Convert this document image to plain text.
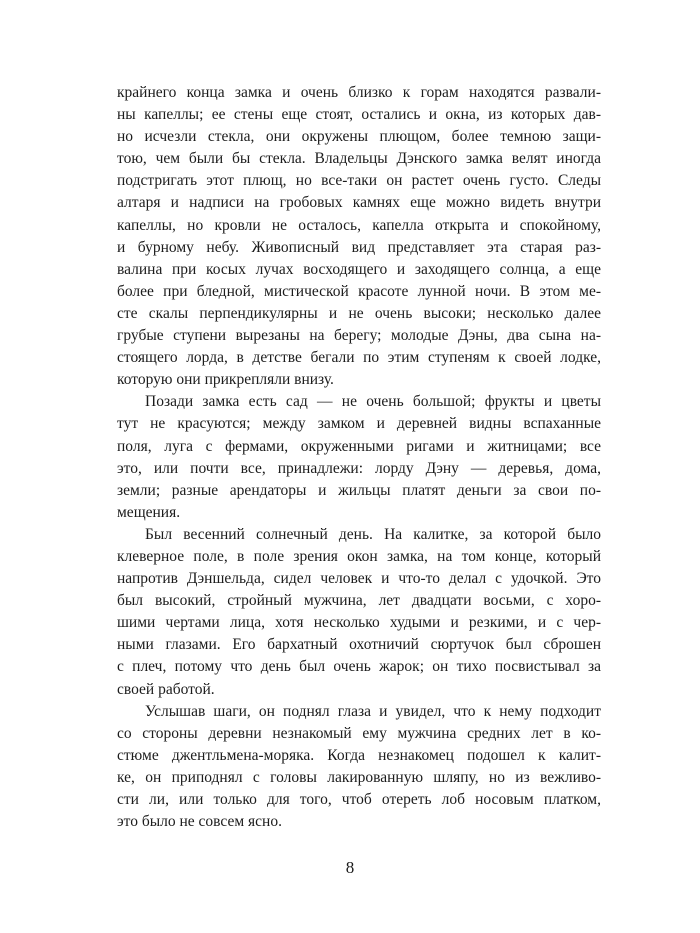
крайнего конца замка и очень близко к горам находятся развали-
ны капеллы; ее стены еще стоят, остались и окна, из которых дав-
но исчезли стекла, они окружены плющом, более темною защи-
тою, чем были бы стекла. Владельцы Дэнского замка велят иногда
подстригать этот плющ, но все-таки он растет очень густо. Следы
алтаря и надписи на гробовых камнях еще можно видеть внутри
капеллы, но кровли не осталось, капелла открыта и спокойному,
и бурному небу. Живописный вид представляет эта старая раз-
валина при косых лучах восходящего и заходящего солнца, а еще
более при бледной, мистической красоте лунной ночи. В этом ме-
сте скалы перпендикулярны и не очень высоки; несколько далее
грубые ступени вырезаны на берегу; молодые Дэны, два сына на-
стоящего лорда, в детстве бегали по этим ступеням к своей лодке,
которую они прикрепляли внизу.

Позади замка есть сад — не очень большой; фрукты и цветы
тут не красуются; между замком и деревней видны вспаханные
поля, луга с фермами, окруженными ригами и житницами; все
это, или почти все, принадлежи: лорду Дэну — деревья, дома,
земли; разные арендаторы и жильцы платят деньги за свои по-
мещения.

Был весенний солнечный день. На калитке, за которой было
клеверное поле, в поле зрения окон замка, на том конце, который
напротив Дэншельда, сидел человек и что-то делал с удочкой. Это
был высокий, стройный мужчина, лет двадцати восьми, с хоро-
шими чертами лица, хотя несколько худыми и резкими, и с чер-
ными глазами. Его бархатный охотничий сюртучок был сброшен
с плеч, потому что день был очень жарок; он тихо посвистывал за
своей работой.

Услышав шаги, он поднял глаза и увидел, что к нему подходит
со стороны деревни незнакомый ему мужчина средних лет в ко-
стюме джентльмена-моряка. Когда незнакомец подошел к калит-
ке, он приподнял с головы лакированную шляпу, но из вежливо-
сти ли, или только для того, чтоб отереть лоб носовым платком,
это было не совсем ясно.

8
